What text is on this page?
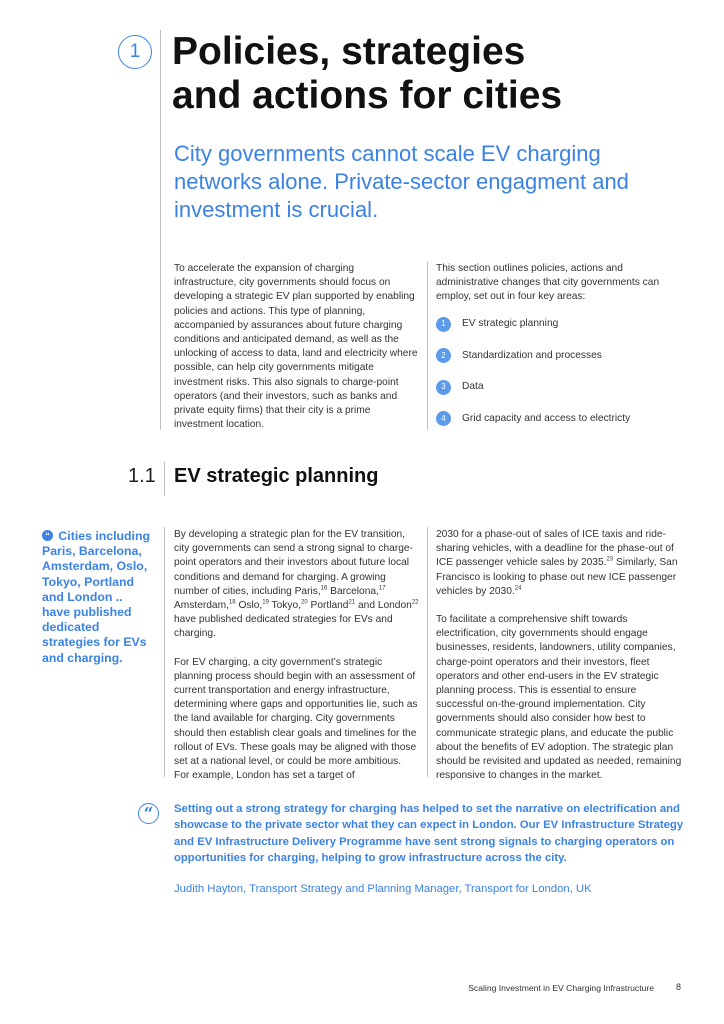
1 Policies, strategies
and actions for cities

City governments cannot scale EV charging networks alone. Private-sector engagment and investment is crucial.

To accelerate the expansion of charging infrastructure, city governments should focus on developing a strategic EV plan supported by enabling policies and actions. This type of planning, accompanied by assurances about future charging conditions and anticipated demand, as well as the unlocking of access to data, land and electricity where possible, can help city governments mitigate investment risks. This also signals to charge-point operators (and their investors, such as banks and private equity firms) that their city is a prime investment location.

This section outlines policies, actions and administrative changes that city governments can employ, set out in four key areas:

1	EV strategic planning
2	Standardization and processes
3	Data
4	Grid capacity and access to electricty
1.1 EV strategic planning
“ Cities including Paris, Barcelona, Amsterdam, Oslo, Tokyo, Portland and London .. have published dedicated strategies for EVs and charging.

By developing a strategic plan for the EV transition, city governments can send a strong signal to charge-point operators and their investors about future local conditions and demand for charging. A growing number of cities, including Paris,$^{16}$ Barcelona,$^{17}$ Amsterdam,$^{18}$ Oslo,$^{19}$ Tokyo,$^{20}$ Portland$^{21}$ and London$^{22}$ have published dedicated strategies for EVs and charging.

For EV charging, a city government’s strategic planning process should begin with an assessment of current transportation and energy infrastructure, determining where gaps and opportunities lie, such as the land available for charging. City governments should then establish clear goals and timelines for the rollout of EVs. These goals may be aligned with those set at a national level, or could be more ambitious. For example, London has set a target of

2030 for a phase-out of sales of ICE taxis and ride-sharing vehicles, with a deadline for the phase-out of ICE passenger vehicle sales by 2035.23 Similarly, San Francisco is looking to phase out new ICE passenger vehicles by 2030.24

To facilitate a comprehensive shift towards electrification, city governments should engage businesses, residents, landowners, utility companies, charge-point operators and their investors, fleet operators and other end-users in the EV strategic planning process. This is essential to ensure successful on-the-ground implementation. City governments should also consider how best to communicate strategic plans, and educate the public about the benefits of EV adoption. The strategic plan should be revisited and updated as needed, remaining responsive to changes in the market.

“	Setting out a strong strategy for charging has helped to set the narrative on electrification and showcase to the private sector what they can expect in London. Our EV Infrastructure Strategy and EV Infrastructure Delivery Programme have sent strong signals to charging operators on opportunities for charging, helping to grow infrastructure across the city.

Judith Hayton, Transport Strategy and Planning Manager, Transport for London, UK
Scaling Investment in EV Charging Infrastructure 8
